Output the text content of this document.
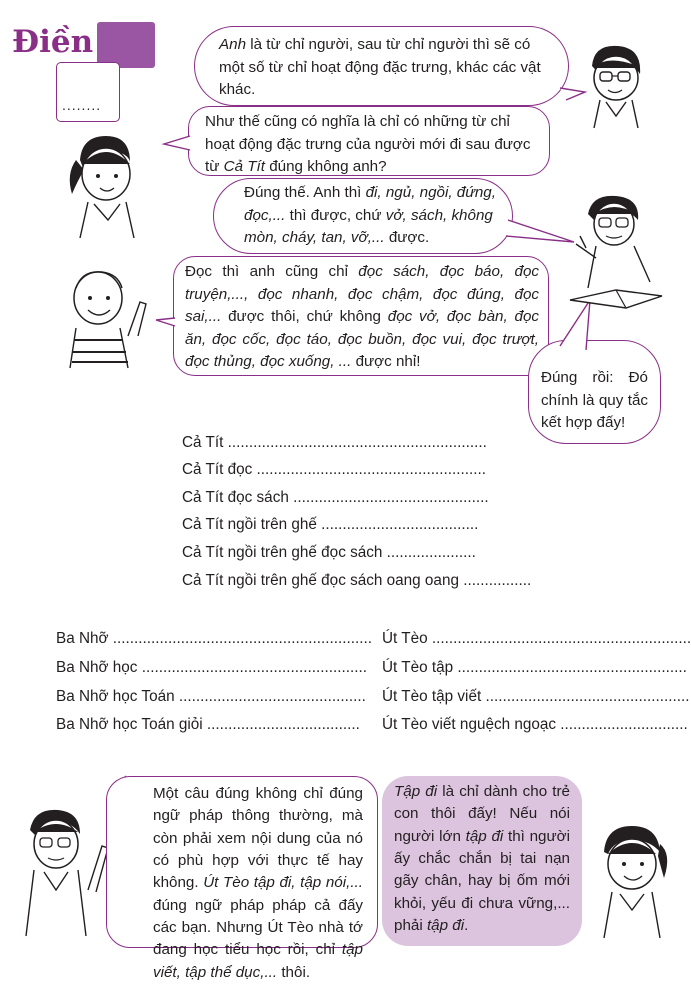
Điền
........
Anh là từ chỉ người, sau từ chỉ người thì sẽ có một số từ chỉ hoạt động đặc trưng, khác các vật khác.
Như thế cũng có nghĩa là chỉ có những từ chỉ hoạt động đặc trưng của người mới đi sau được từ Cả Tít đúng không anh?
Đúng thế. Anh thì đi, ngủ, ngồi, đứng, đọc,... thì được, chứ vở, sách, không mòn, cháy, tan, vỡ,... được.
Đọc thì anh cũng chỉ đọc sách, đọc báo, đọc truyện,..., đọc nhanh, đọc chậm, đọc đúng, đọc sai,... được thôi, chứ không đọc vở, đọc bàn, đọc ăn, đọc cốc, đọc táo, đọc buồn, đọc vui, đọc trượt, đọc thủng, đọc xuống, ... được nhỉ!
Đúng rồi: Đó chính là quy tắc kết hợp đấy!
Cả Tít .............................................................
Cả Tít đọc ......................................................
Cả Tít đọc sách ..............................................
Cả Tít ngồi trên ghế .....................................
Cả Tít ngồi trên ghế đọc sách .....................
Cả Tít ngồi trên ghế đọc sách oang oang ................
Ba Nhỡ .............................................................
Ba Nhỡ học .....................................................
Ba Nhỡ học Toán ............................................
Ba Nhỡ học Toán giỏi ....................................
Út Tèo .............................................................
Út Tèo tập ......................................................
Út Tèo tập viết ................................................
Út Tèo viết nguệch ngoạc ..............................
Một câu đúng không chỉ đúng ngữ pháp thông thường, mà còn phải xem nội dung của nó có phù hợp với thực tế hay không. Út Tèo tập đi, tập nói,... đúng ngữ pháp pháp cả đấy các bạn. Nhưng Út Tèo nhà tớ đang học tiểu học rồi, chỉ tập viết, tập thể dục,... thôi.
Tập đi là chỉ dành cho trẻ con thôi đấy! Nếu nói người lớn tập đi thì người ấy chắc chắn bị tai nạn gãy chân, hay bị ốm mới khỏi, yếu đi chưa vững,... phải tập đi.
